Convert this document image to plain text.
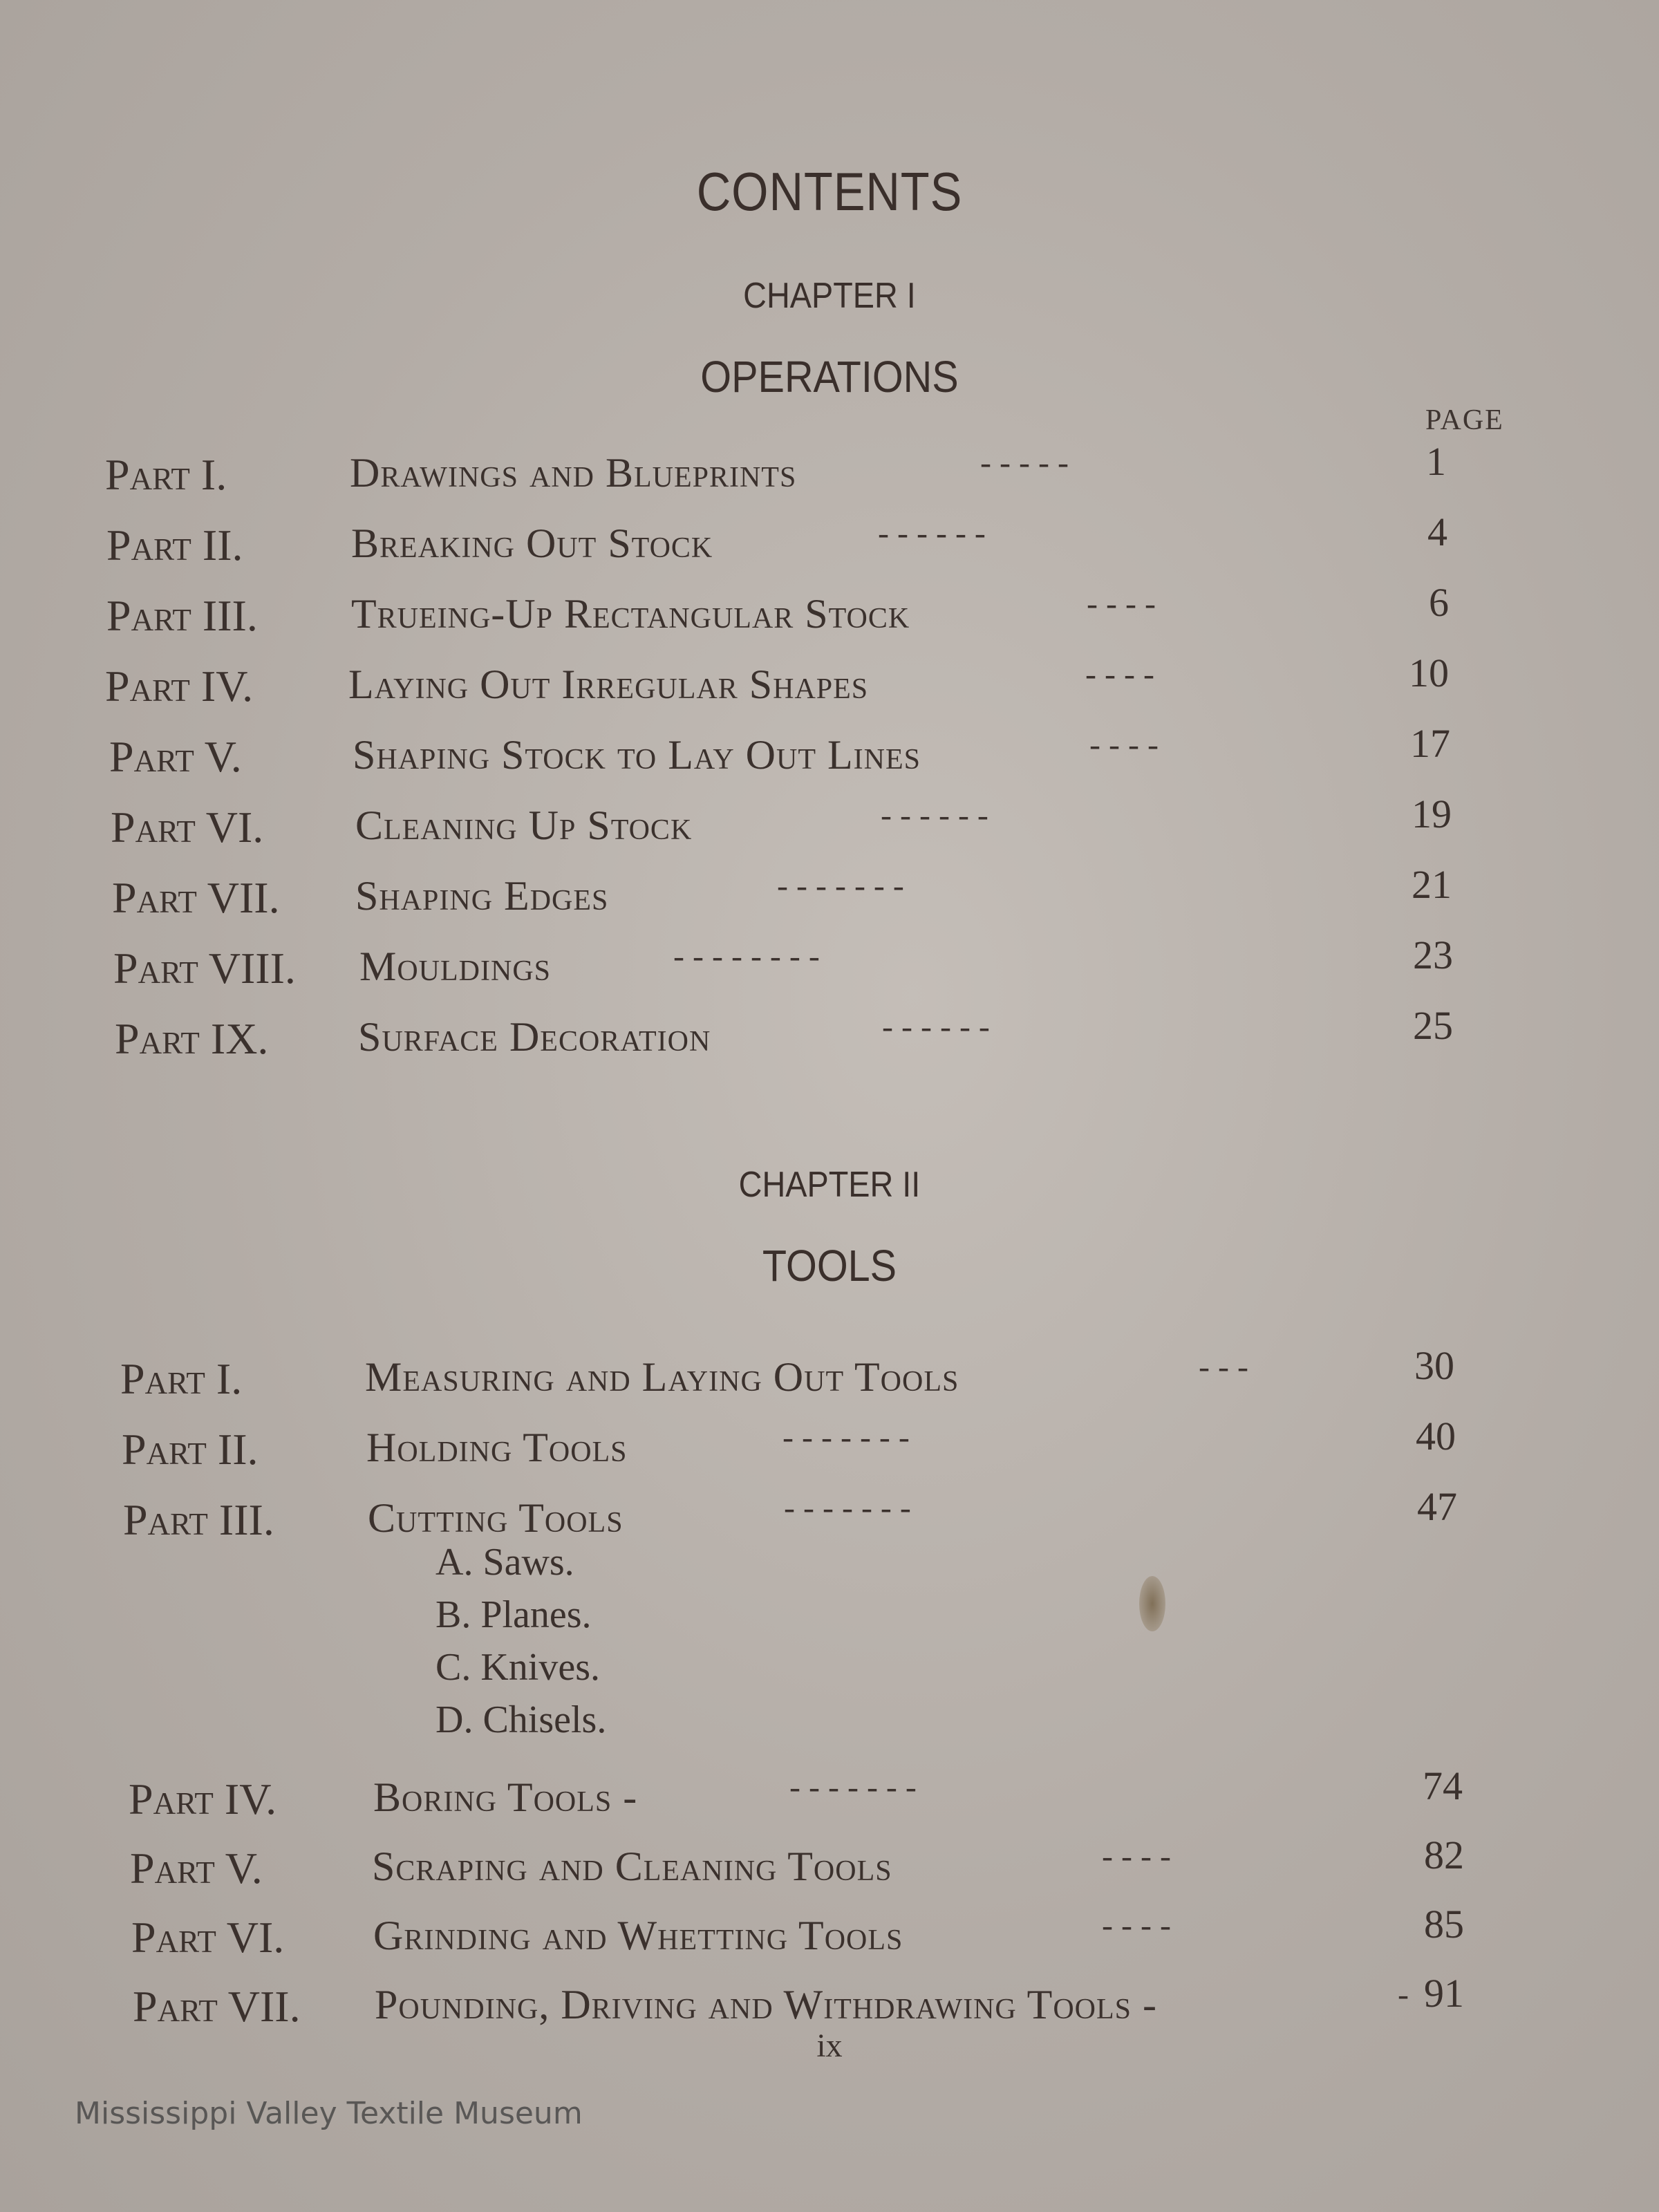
CONTENTS
CHAPTER I
OPERATIONS
PAGE
Part I.	Drawings and Blueprints	- - - - -	1
Part II.	Breaking Out Stock	- - - - - -	4
Part III. Trueing-Up Rectangular Stock	- - - -	6
Part IV. Laying Out Irregular Shapes	- - - -	10
Part V.	Shaping Stock to Lay Out Lines	- - - -	17
Part VI. Cleaning Up Stock	- - - - - -	19
Part VII. Shaping Edges	- - - - - - -	21
Part VIII. Mouldings	- - - - - - - -	23
Part IX. Surface Decoration	- - - - - -	25
CHAPTER II
TOOLS
Part I.	Measuring and Laying Out Tools	- - -	30
Part II.	Holding Tools	- - - - - - -	40
Part III. Cutting Tools	- - - - - - -	47
A. Saws.
B. Planes.
C. Knives.
D. Chisels.
Part IV. Boring Tools -	- - - - - - -	74
Part V.	Scraping and Cleaning Tools	- - - -	82
Part VI. Grinding and Whetting Tools	- - - -	85
Part VII. Pounding, Driving and Withdrawing Tools -	- 91
ix
Mississippi Valley Textile Museum
